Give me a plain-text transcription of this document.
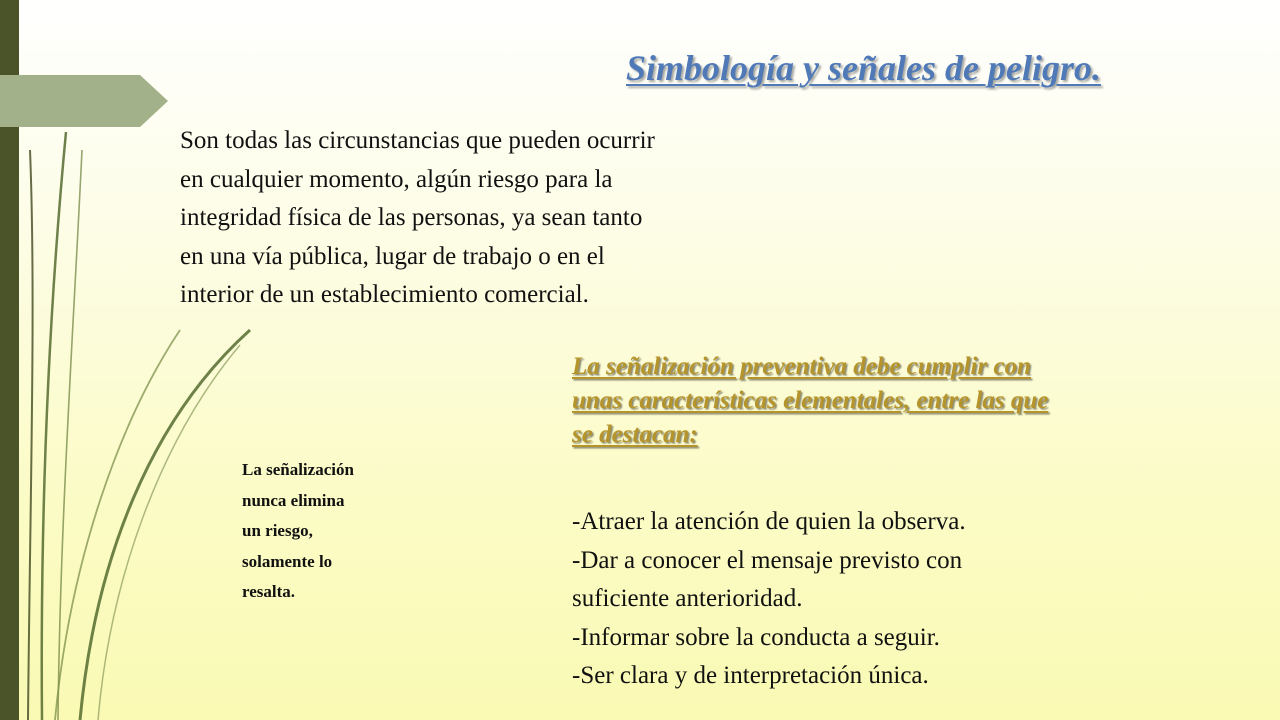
Simbología y señales de peligro.

Son todas las circunstancias que pueden ocurrir
en cualquier momento, algún riesgo para la
integridad física de las personas, ya sean tanto
en una vía pública, lugar de trabajo o en el
interior de un establecimiento comercial.

La señalización preventiva debe cumplir con
unas características elementales, entre las que
se destacan:

La señalización
nunca elimina
un riesgo,
solamente lo
resalta.

-Atraer la atención de quien la observa.
-Dar a conocer el mensaje previsto con
suficiente anterioridad.
-Informar sobre la conducta a seguir.
-Ser clara y de interpretación única.
